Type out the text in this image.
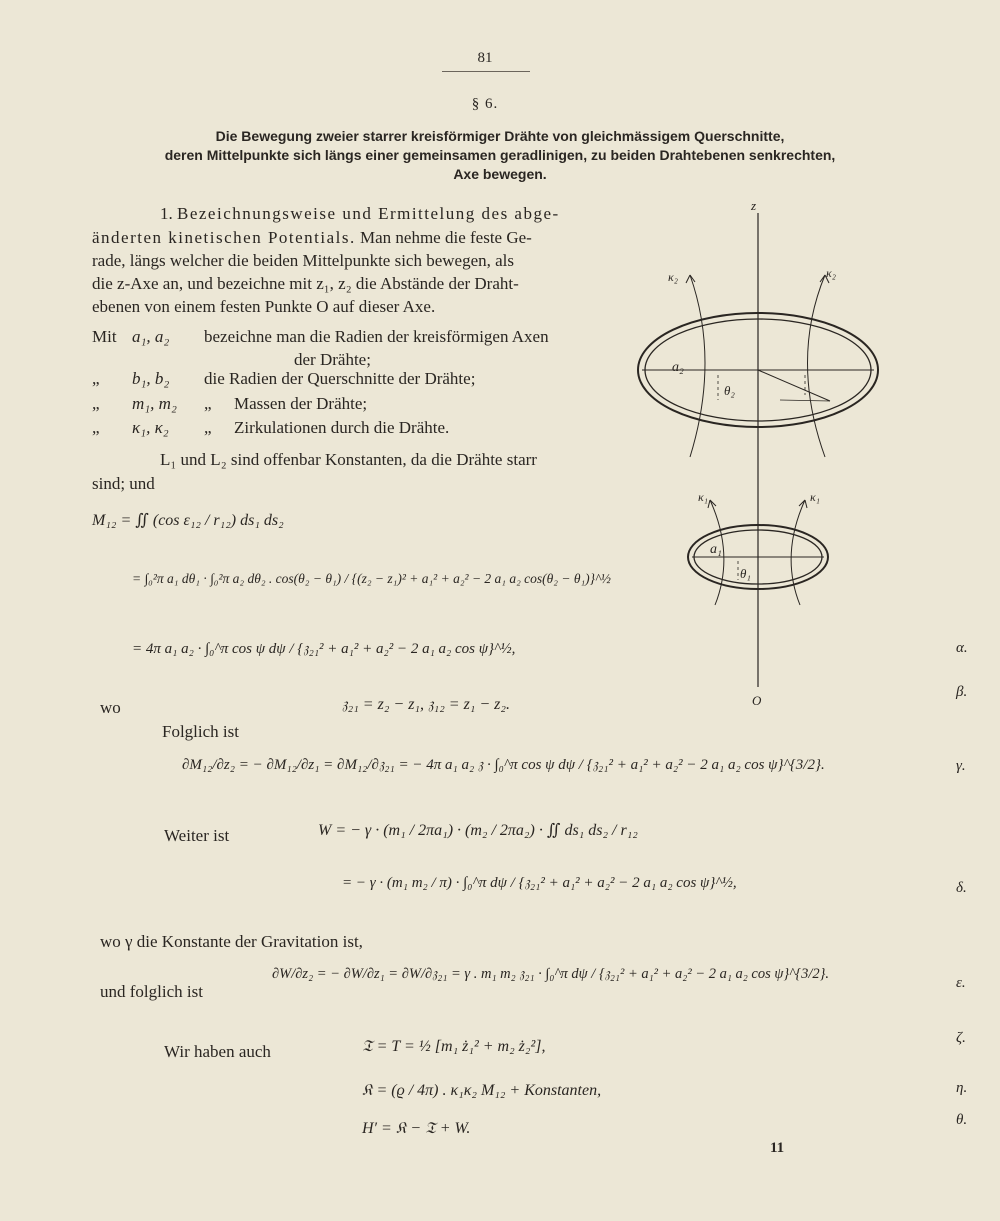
81
§ 6.
Die Bewegung zweier starrer kreisförmiger Drähte von gleichmässigem Querschnitte,
deren Mittelpunkte sich längs einer gemeinsamen geradlinigen, zu beiden Drahtebenen senkrechten,
Axe bewegen.
1. Bezeichnungsweise und Ermittelung des abge-
änderten kinetischen Potentials. Man nehme die feste Ge-
rade, längs welcher die beiden Mittelpunkte sich bewegen, als
die z-Axe an, und bezeichne mit z₁, z₂ die Abstände der Draht-
ebenen von einem festen Punkte O auf dieser Axe.
Mit a₁, a₂ bezeichne man die Radien der kreisförmigen Axen
der Drähte;
„ b₁, b₂ die Radien der Querschnitte der Drähte;
„ m₁, m₂ „ Massen der Drähte;
„ κ₁, κ₂ „ Zirkulationen durch die Drähte.
L₁ und L₂ sind offenbar Konstanten, da die Drähte starr
sind; und
M₁₂ = ∬ (cos ε₁₂ / r₁₂) ds₁ ds₂
= ∫₀²π a₁ dθ₁ · ∫₀²π a₂ dθ₂ . cos(θ₂ − θ₁) / {(z₂ − z₁)² + a₁² + a₂² − 2 a₁ a₂ cos(θ₂ − θ₁)}^½
= 4π a₁ a₂ · ∫₀^π cos ψ dψ / {𝔷₂₁² + a₁² + a₂² − 2 a₁ a₂ cos ψ}^½,	α.
wo	𝔷₂₁ = z₂ − z₁, 𝔷₁₂ = z₁ − z₂.
β.
Folglich ist
∂M₁₂/∂z₂ = − ∂M₁₂/∂z₁ = ∂M₁₂/∂𝔷₂₁ = − 4π a₁ a₂ 𝔷 · ∫₀^π cos ψ dψ / {𝔷₂₁² + a₁² + a₂² − 2 a₁ a₂ cos ψ}^{3/2}.	γ.
Weiter ist	W = − γ · (m₁ / 2πa₁) · (m₂ / 2πa₂) · ∬ ds₁ ds₂ / r₁₂
= − γ · (m₁ m₂ / π) · ∫₀^π dψ / {𝔷₂₁² + a₁² + a₂² − 2 a₁ a₂ cos ψ}^½,	δ.
wo γ die Konstante der Gravitation ist,
und folglich ist
∂W/∂z₂ = − ∂W/∂z₁ = ∂W/∂𝔷₂₁ = γ . m₁ m₂ 𝔷₂₁ · ∫₀^π dψ / {𝔷₂₁² + a₁² + a₂² − 2 a₁ a₂ cos ψ}^{3/2}.
ε.
Wir haben auch	𝔗 = T = ½ [m₁ ż₁² + m₂ ż₂²],	ζ.
𝔎 = (ϱ / 4π) . κ₁κ₂ M₁₂ + Konstanten,	η.
H′ = 𝔎 − 𝔗 + W.	θ.
11
z
O
κ₂	κ₂
a₂
θ₂
κ₁	κ₁
a₁
θ₁
